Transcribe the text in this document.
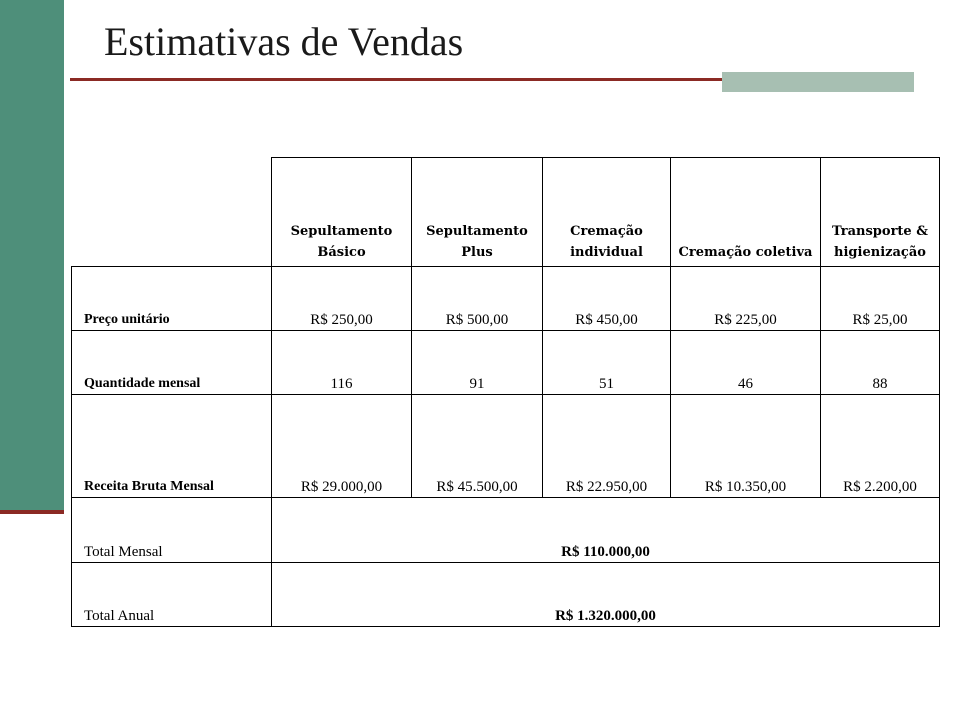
Estimativas de Vendas
	Sepultamento Básico	Sepultamento Plus	Cremação individual	Cremação coletiva	Transporte & higienização
Preço unitário	R$ 250,00	R$ 500,00	R$ 450,00	R$ 225,00	R$ 25,00
Quantidade mensal	116	91	51	46	88
Receita Bruta Mensal	R$ 29.000,00	R$ 45.500,00	R$ 22.950,00	R$ 10.350,00	R$ 2.200,00
Total Mensal	R$ 110.000,00				
Total Anual	R$ 1.320.000,00				
